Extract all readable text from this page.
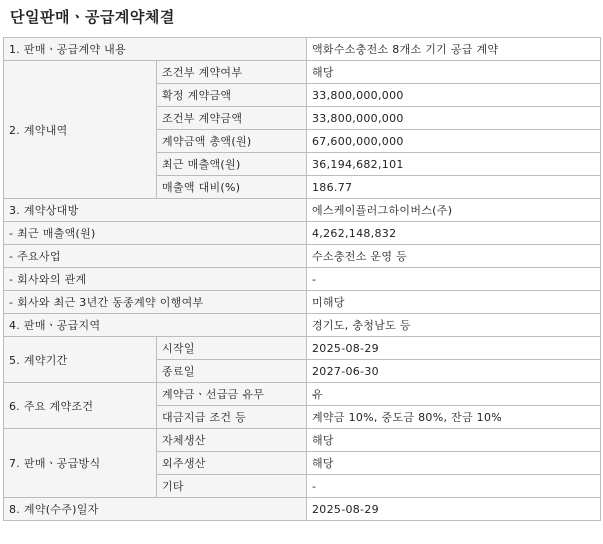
단일판매ㆍ공급계약체결
1. 판매ㆍ공급계약 내용		액화수소충전소 8개소 기기 공급 계약
2. 계약내역	조건부 계약여부	해당
	확정 계약금액	33,800,000,000
	조건부 계약금액	33,800,000,000
	계약금액 총액(원)	67,600,000,000
	최근 매출액(원)	36,194,682,101
	매출액 대비(%)	186.77
3. 계약상대방		에스케이플러그하이버스(주)
- 최근 매출액(원)		4,262,148,832
- 주요사업		수소충전소 운영 등
- 회사와의 관계		-
- 회사와 최근 3년간 동종계약 이행여부		미해당
4. 판매ㆍ공급지역		경기도, 충청남도 등
5. 계약기간	시작일	2025-08-29
	종료일	2027-06-30
6. 주요 계약조건	계약금ㆍ선급금 유무	유
	대금지급 조건 등	계약금 10%, 중도금 80%, 잔금 10%
7. 판매ㆍ공급방식	자체생산	해당
	외주생산	해당
	기타	-
8. 계약(수주)일자		2025-08-29
